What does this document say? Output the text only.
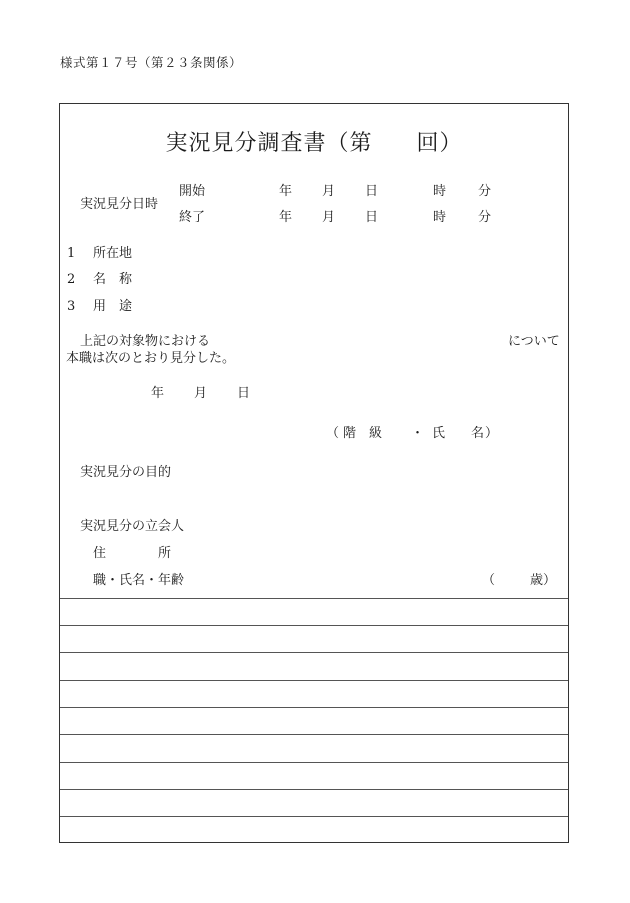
様式第１７号（第２３条関係）
実況見分調査書（第 回）
実況見分日時
開始	年 月 日	時 分
終了	年 月 日	時 分
1 所在地
2 名　称
3 用　途
上記の対象物における	について
本職は次のとおり見分した。
年 月 日
（ 階　級 ・ 氏　　名 ）
実況見分の目的
実況見分の立会人
住　　　　所
職・氏名・年齢	（	歳）
